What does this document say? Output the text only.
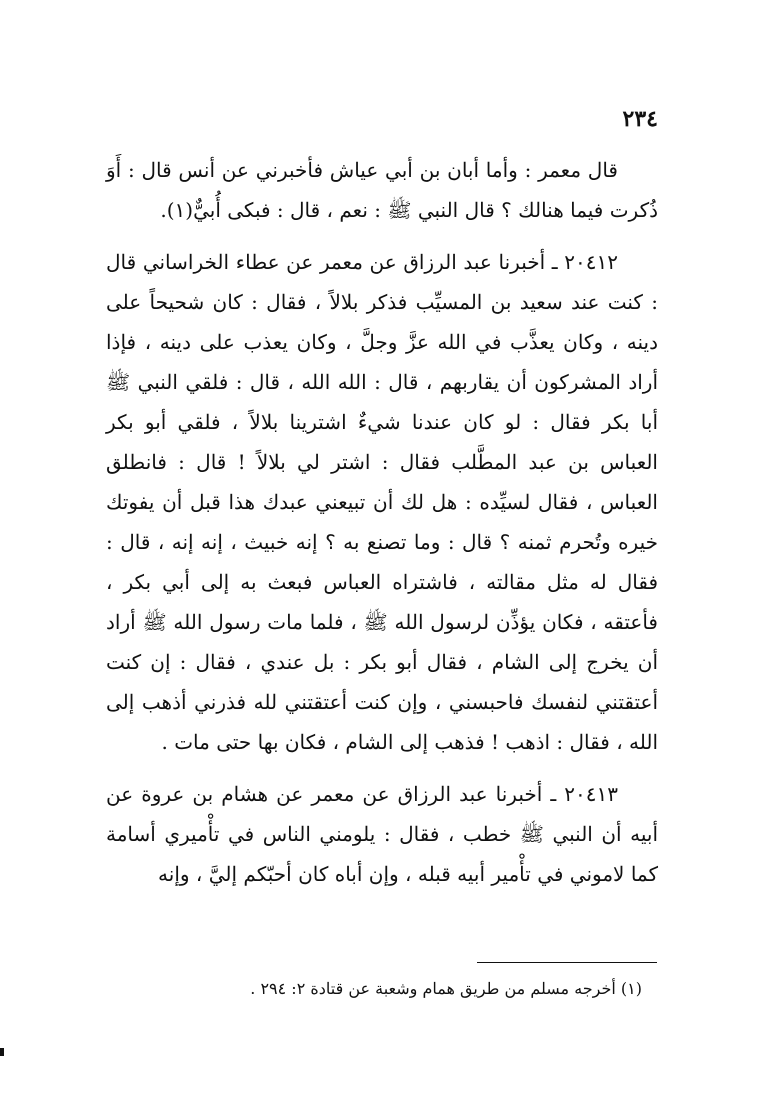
٢٣٤

قال معمر : وأما أبان بن أبي عياش فأخبرني عن أنس قال : أَوَ ذُكرت فيما هنالك ؟ قال النبي ﷺ : نعم ، قال : فبكى أُبيٌّ(١).

٢٠٤١٢ ـ أخبرنا عبد الرزاق عن معمر عن عطاء الخراساني قال : كنت عند سعيد بن المسيِّب فذكر بلالاً ، فقال : كان شحيحاً على دينه ، وكان يعذَّب في الله عزَّ وجلَّ ، وكان يعذب على دينه ، فإذا أراد المشركون أن يقاربهم ، قال : الله الله ، قال : فلقي النبي ﷺ أبا بكر فقال : لو كان عندنا شيءٌ اشترينا بلالاً ، فلقي أبو بكر العباس بن عبد المطَّلب فقال : اشتر لي بلالاً ! قال : فانطلق العباس ، فقال لسيِّده : هل لك أن تبيعني عبدك هذا قبل أن يفوتك خيره وتُحرم ثمنه ؟ قال : وما تصنع به ؟ إنه خبيث ، إنه إنه ، قال : فقال له مثل مقالته ، فاشتراه العباس فبعث به إلى أبي بكر ، فأعتقه ، فكان يؤذِّن لرسول الله ﷺ ، فلما مات رسول الله ﷺ أراد أن يخرج إلى الشام ، فقال أبو بكر : بل عندي ، فقال : إن كنت أعتقتني لنفسك فاحبسني ، وإن كنت أعتقتني لله فذرني أذهب إلى الله ، فقال : اذهب ! فذهب إلى الشام ، فكان بها حتى مات .

٢٠٤١٣ ـ أخبرنا عبد الرزاق عن معمر عن هشام بن عروة عن أبيه أن النبي ﷺ خطب ، فقال : يلومني الناس في تأْميري أسامة كما لاموني في تأْمير أبيه قبله ، وإن أباه كان أحبّكم إليَّ ، وإنه

(١) أخرجه مسلم من طريق همام وشعبة عن قتادة ٢: ٢٩٤ .
